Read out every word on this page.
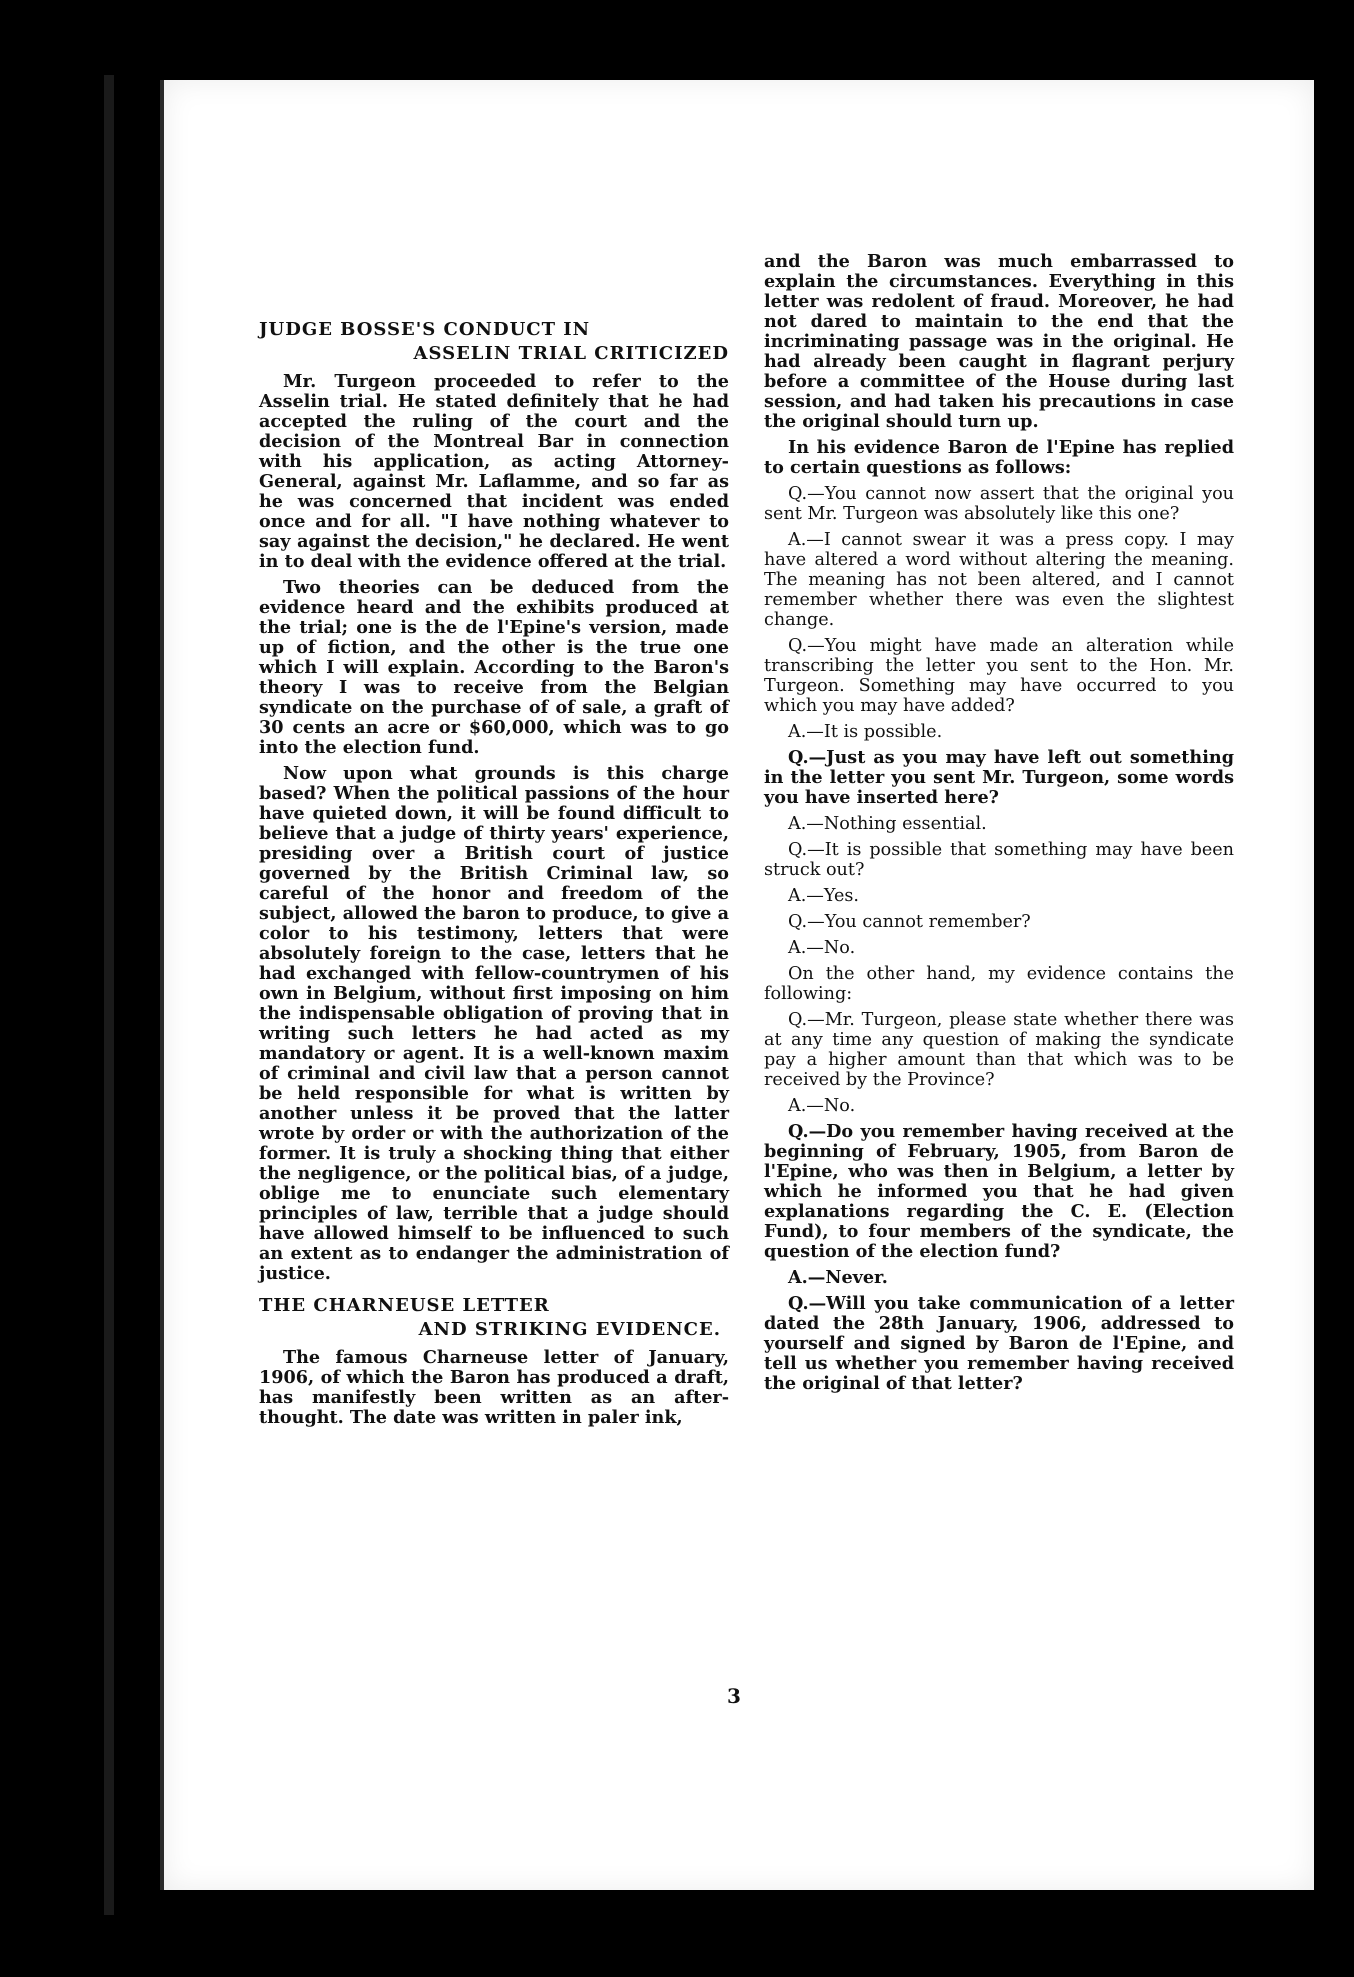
JUDGE BOSSE'S CONDUCT IN
ASSELIN TRIAL CRITICIZED

Mr. Turgeon proceeded to refer to the Asselin trial. He stated definitely that he had accepted the ruling of the court and the decision of the Montreal Bar in connection with his application, as acting Attorney-General, against Mr. Laflamme, and so far as he was concerned that incident was ended once and for all. "I have nothing whatever to say against the decision," he declared. He went in to deal with the evidence offered at the trial.

Two theories can be deduced from the evidence heard and the exhibits produced at the trial; one is the de l'Epine's version, made up of fiction, and the other is the true one which I will explain. According to the Baron's theory I was to receive from the Belgian syndicate on the purchase of of sale, a graft of 30 cents an acre or $60,000, which was to go into the election fund.

Now upon what grounds is this charge based? When the political passions of the hour have quieted down, it will be found difficult to believe that a judge of thirty years' experience, presiding over a British court of justice governed by the British Criminal law, so careful of the honor and freedom of the subject, allowed the baron to produce, to give a color to his testimony, letters that were absolutely foreign to the case, letters that he had exchanged with fellow-countrymen of his own in Belgium, without first imposing on him the indispensable obligation of proving that in writing such letters he had acted as my mandatory or agent. It is a well-known maxim of criminal and civil law that a person cannot be held responsible for what is written by another unless it be proved that the latter wrote by order or with the authorization of the former. It is truly a shocking thing that either the negligence, or the political bias, of a judge, oblige me to enunciate such elementary principles of law, terrible that a judge should have allowed himself to be influenced to such an extent as to endanger the administration of justice.

THE CHARNEUSE LETTER
AND STRIKING EVIDENCE.

The famous Charneuse letter of January, 1906, of which the Baron has produced a draft, has manifestly been written as an after-thought. The date was written in paler ink,

and the Baron was much embarrassed to explain the circumstances. Everything in this letter was redolent of fraud. Moreover, he had not dared to maintain to the end that the incriminating passage was in the original. He had already been caught in flagrant perjury before a committee of the House during last session, and had taken his precautions in case the original should turn up.

In his evidence Baron de l'Epine has replied to certain questions as follows:

Q.—You cannot now assert that the original you sent Mr. Turgeon was absolutely like this one?

A.—I cannot swear it was a press copy. I may have altered a word without altering the meaning. The meaning has not been altered, and I cannot remember whether there was even the slightest change.

Q.—You might have made an alteration while transcribing the letter you sent to the Hon. Mr. Turgeon. Something may have occurred to you which you may have added?

A.—It is possible.

Q.—Just as you may have left out something in the letter you sent Mr. Turgeon, some words you have inserted here?

A.—Nothing essential.

Q.—It is possible that something may have been struck out?

A.—Yes.

Q.—You cannot remember?

A.—No.

On the other hand, my evidence contains the following:

Q.—Mr. Turgeon, please state whether there was at any time any question of making the syndicate pay a higher amount than that which was to be received by the Province?

A.—No.

Q.—Do you remember having received at the beginning of February, 1905, from Baron de l'Epine, who was then in Belgium, a letter by which he informed you that he had given explanations regarding the C. E. (Election Fund), to four members of the syndicate, the question of the election fund?

A.—Never.

Q.—Will you take communication of a letter dated the 28th January, 1906, addressed to yourself and signed by Baron de l'Epine, and tell us whether you remember having received the original of that letter?

3
